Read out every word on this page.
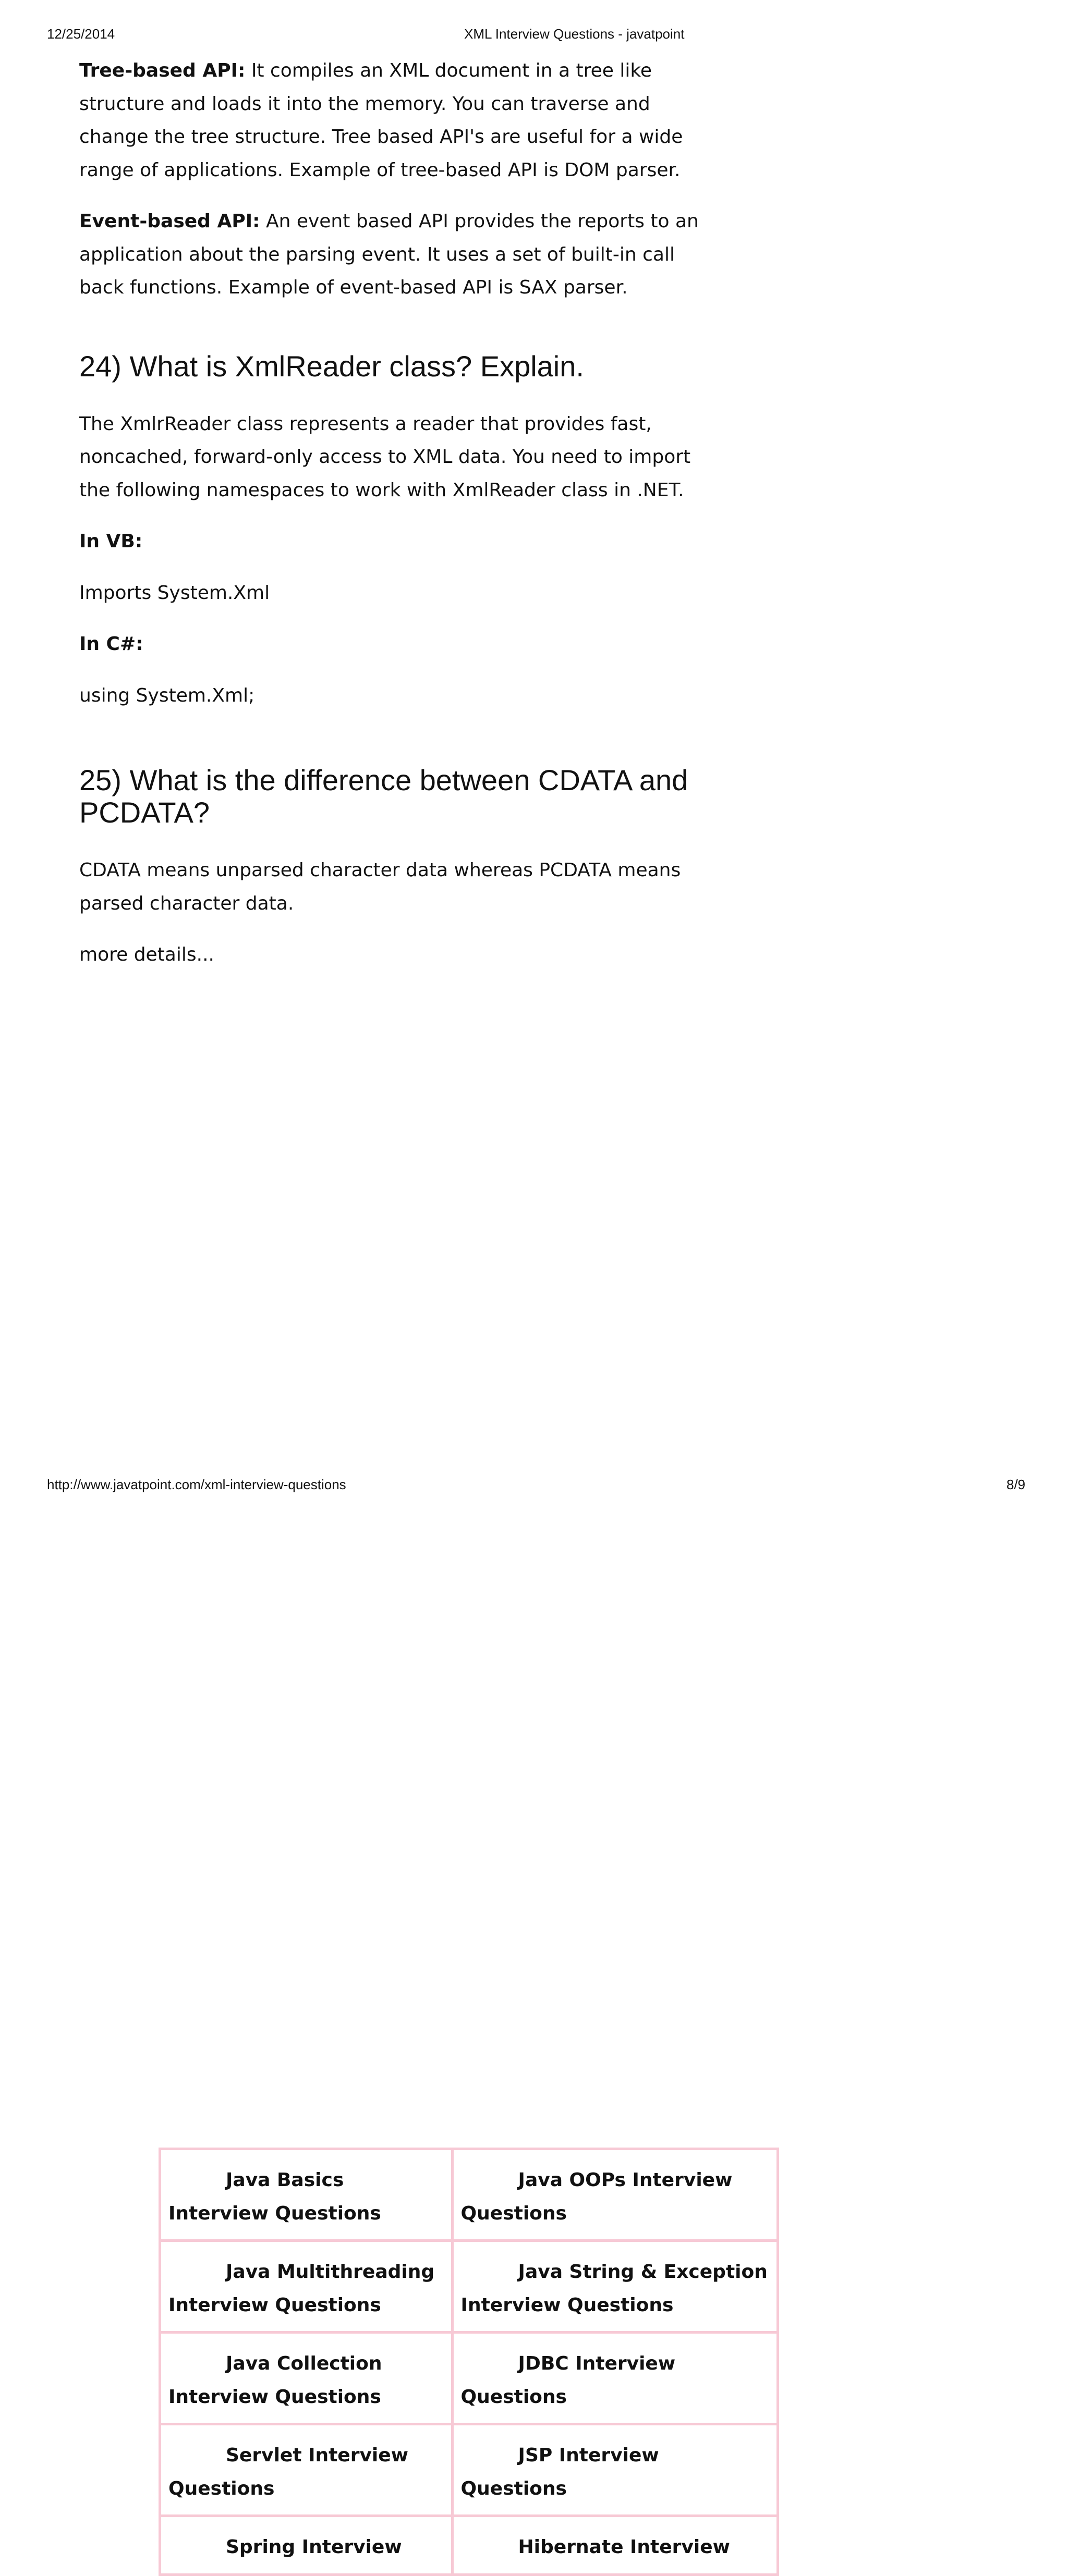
12/25/2014	XML Interview Questions - javatpoint

Tree-based API: It compiles an XML document in a tree like structure and loads it into the memory. You can traverse and change the tree structure. Tree based API's are useful for a wide range of applications. Example of tree-based API is DOM parser.

Event-based API: An event based API provides the reports to an application about the parsing event. It uses a set of built-in call back functions. Example of event-based API is SAX parser.

24) What is XmlReader class? Explain.

The XmlrReader class represents a reader that provides fast, noncached, forward-only access to XML data. You need to import the following namespaces to work with XmlReader class in .NET.

In VB:

Imports System.Xml

In C#:

using System.Xml;

25) What is the difference between CDATA and PCDATA?

CDATA means unparsed character data whereas PCDATA means parsed character data.

more details...

Java Basics Interview Questions	Java OOPs Interview Questions
Java Multithreading Interview Questions	Java String & Exception Interview Questions
Java Collection Interview Questions	JDBC Interview Questions
Servlet Interview Questions	JSP Interview Questions
Spring Interview	Hibernate Interview
http://www.javatpoint.com/xml-interview-questions	8/9
